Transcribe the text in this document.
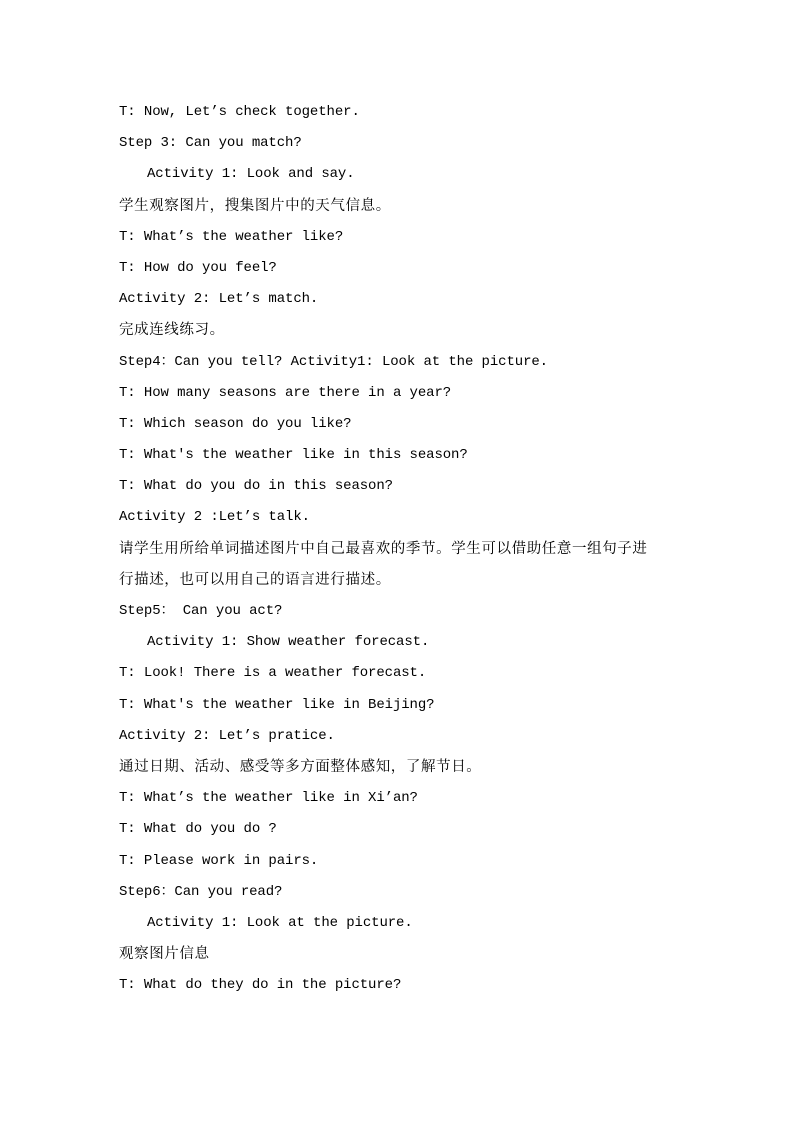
T: Now, Let’s check together.
Step 3: Can you match?
Activity 1: Look and say.
学生观察图片，搜集图片中的天气信息。
T: What’s the weather like?
T: How do you feel?
Activity 2: Let’s match.
完成连线练习。
Step4：Can you tell? Activity1: Look at the picture.
T: How many seasons are there in a year?
T: Which season do you like?
T: What's the weather like in this season?
T: What do you do in this season?
Activity 2 :Let’s talk.
请学生用所给单词描述图片中自己最喜欢的季节。学生可以借助任意一组句子进
行描述，也可以用自己的语言进行描述。
Step5： Can you act?
Activity 1: Show weather forecast.
T: Look! There is a weather forecast.
T: What's the weather like in Beijing?
Activity 2: Let’s pratice.
通过日期、活动、感受等多方面整体感知，了解节日。
T: What’s the weather like in Xi’an?
T: What do you do ?
T: Please work in pairs.
Step6：Can you read?
Activity 1: Look at the picture.
观察图片信息
T: What do they do in the picture?
